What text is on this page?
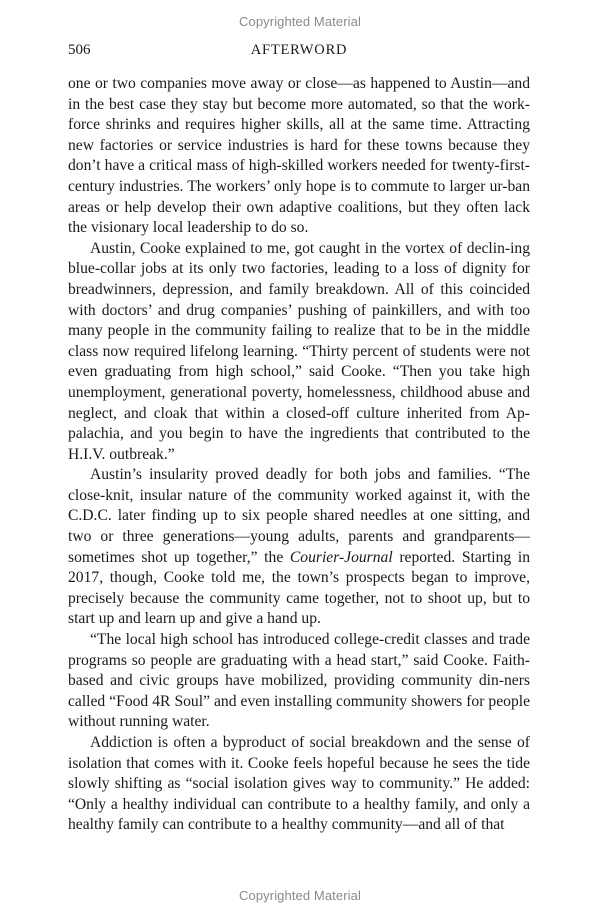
Copyrighted Material
506	AFTERWORD

one or two companies move away or close—as happened to Austin—and in the best case they stay but become more automated, so that the work-force shrinks and requires higher skills, all at the same time. Attracting new factories or service industries is hard for these towns because they don’t have a critical mass of high-skilled workers needed for twenty-first-century industries. The workers’ only hope is to commute to larger ur-ban areas or help develop their own adaptive coalitions, but they often lack the visionary local leadership to do so.

Austin, Cooke explained to me, got caught in the vortex of declin-ing blue-collar jobs at its only two factories, leading to a loss of dignity for breadwinners, depression, and family breakdown. All of this coincided with doctors’ and drug companies’ pushing of painkillers, and with too many people in the community failing to realize that to be in the middle class now required lifelong learning. “Thirty percent of students were not even graduating from high school,” said Cooke. “Then you take high unemployment, generational poverty, homelessness, childhood abuse and neglect, and cloak that within a closed-off culture inherited from Ap-palachia, and you begin to have the ingredients that contributed to the H.I.V. outbreak.”

Austin’s insularity proved deadly for both jobs and families. “The close-knit, insular nature of the community worked against it, with the C.D.C. later finding up to six people shared needles at one sitting, and two or three generations—young adults, parents and grandparents—sometimes shot up together,” the Courier-Journal reported. Starting in 2017, though, Cooke told me, the town’s prospects began to improve, precisely because the community came together, not to shoot up, but to start up and learn up and give a hand up.

“The local high school has introduced college-credit classes and trade programs so people are graduating with a head start,” said Cooke. Faith-based and civic groups have mobilized, providing community din-ners called “Food 4R Soul” and even installing community showers for people without running water.

Addiction is often a byproduct of social breakdown and the sense of isolation that comes with it. Cooke feels hopeful because he sees the tide slowly shifting as “social isolation gives way to community.” He added: “Only a healthy individual can contribute to a healthy family, and only a healthy family can contribute to a healthy community—and all of that

Copyrighted Material
